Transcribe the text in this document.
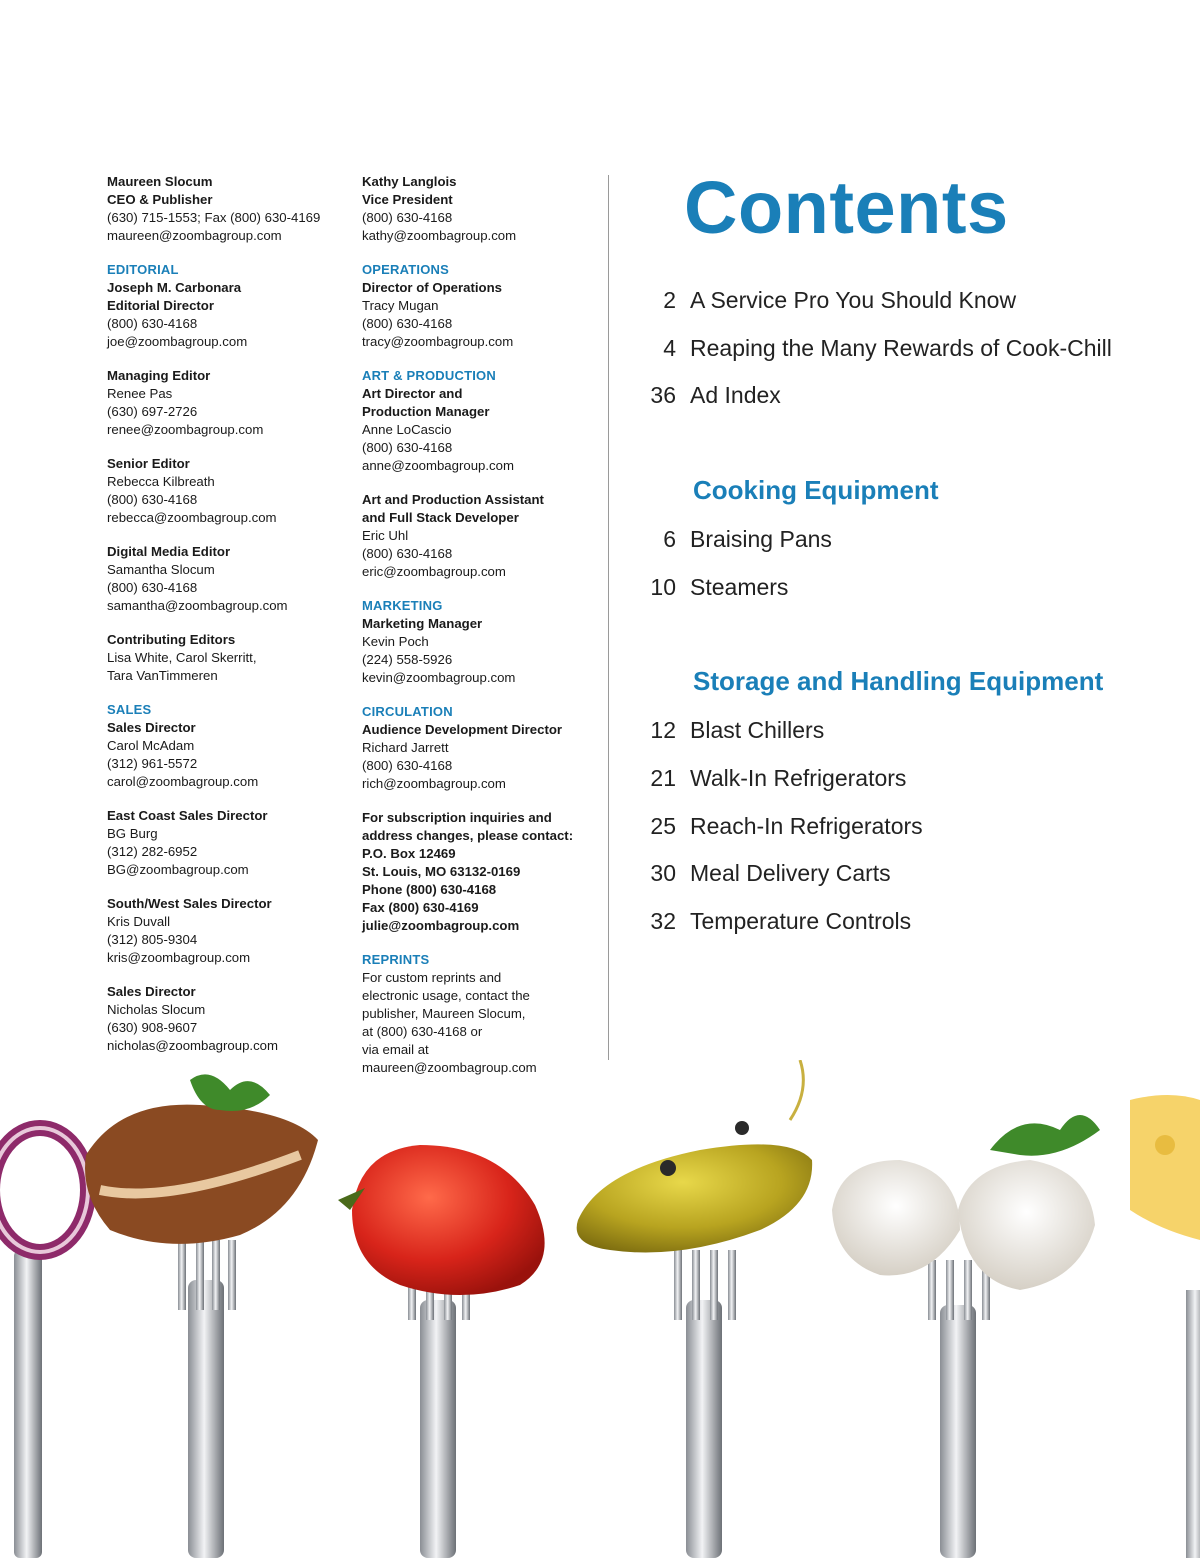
Maureen Slocum
CEO & Publisher
(630) 715-1553; Fax (800) 630-4169
maureen@zoombagroup.com
EDITORIAL
Joseph M. Carbonara
Editorial Director
(800) 630-4168
joe@zoombagroup.com
Managing Editor
Renee Pas
(630) 697-2726
renee@zoombagroup.com
Senior Editor
Rebecca Kilbreath
(800) 630-4168
rebecca@zoombagroup.com
Digital Media Editor
Samantha Slocum
(800) 630-4168
samantha@zoombagroup.com
Contributing Editors
Lisa White, Carol Skerritt,
Tara VanTimmeren
SALES
Sales Director
Carol McAdam
(312) 961-5572
carol@zoombagroup.com
East Coast Sales Director
BG Burg
(312) 282-6952
BG@zoombagroup.com
South/West Sales Director
Kris Duvall
(312) 805-9304
kris@zoombagroup.com
Sales Director
Nicholas Slocum
(630) 908-9607
nicholas@zoombagroup.com
Kathy Langlois
Vice President
(800) 630-4168
kathy@zoombagroup.com
OPERATIONS
Director of Operations
Tracy Mugan
(800) 630-4168
tracy@zoombagroup.com
ART & PRODUCTION
Art Director and
Production Manager
Anne LoCascio
(800) 630-4168
anne@zoombagroup.com
Art and Production Assistant
and Full Stack Developer
Eric Uhl
(800) 630-4168
eric@zoombagroup.com
MARKETING
Marketing Manager
Kevin Poch
(224) 558-5926
kevin@zoombagroup.com
CIRCULATION
Audience Development Director
Richard Jarrett
(800) 630-4168
rich@zoombagroup.com
For subscription inquiries and
address changes, please contact:
P.O. Box 12469
St. Louis, MO 63132-0169
Phone (800) 630-4168
Fax (800) 630-4169
julie@zoombagroup.com
REPRINTS
For custom reprints and
electronic usage, contact the
publisher, Maureen Slocum,
at (800) 630-4168 or
via email at
maureen@zoombagroup.com
Contents
2 A Service Pro You Should Know
4 Reaping the Many Rewards of Cook-Chill
36 Ad Index
Cooking Equipment
6 Braising Pans
10 Steamers
Storage and Handling Equipment
12 Blast Chillers
21 Walk-In Refrigerators
25 Reach-In Refrigerators
30 Meal Delivery Carts
32 Temperature Controls
